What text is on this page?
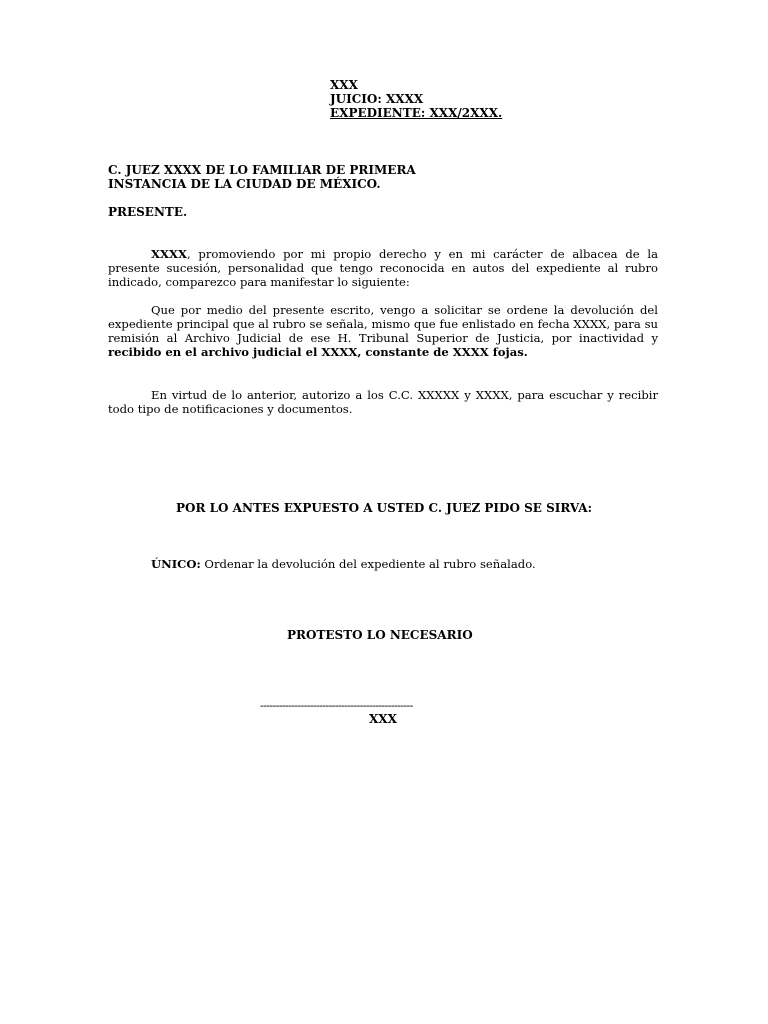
XXX
JUICIO: XXXX
EXPEDIENTE: XXX/2XXX.
C. JUEZ XXXX DE LO FAMILIAR DE PRIMERA
INSTANCIA DE LA CIUDAD DE MÉXICO.
PRESENTE.
XXXX, promoviendo por mi propio derecho y en mi carácter de albacea de la presente sucesión, personalidad que tengo reconocida en autos del expediente al rubro indicado, comparezco para manifestar lo siguiente:
Que por medio del presente escrito, vengo a solicitar se ordene la devolución del expediente principal que al rubro se señala, mismo que fue enlistado en fecha XXXX, para su remisión al Archivo Judicial de ese H. Tribunal Superior de Justicia, por inactividad y recibido en el archivo judicial el XXXX, constante de XXXX fojas.
En virtud de lo anterior, autorizo a los C.C. XXXXX y XXXX, para escuchar y recibir todo tipo de notificaciones y documentos.
POR LO ANTES EXPUESTO A USTED C. JUEZ PIDO SE SIRVA:
ÚNICO: Ordenar la devolución del expediente al rubro señalado.
PROTESTO LO NECESARIO
-------------------------------------------------
XXX
